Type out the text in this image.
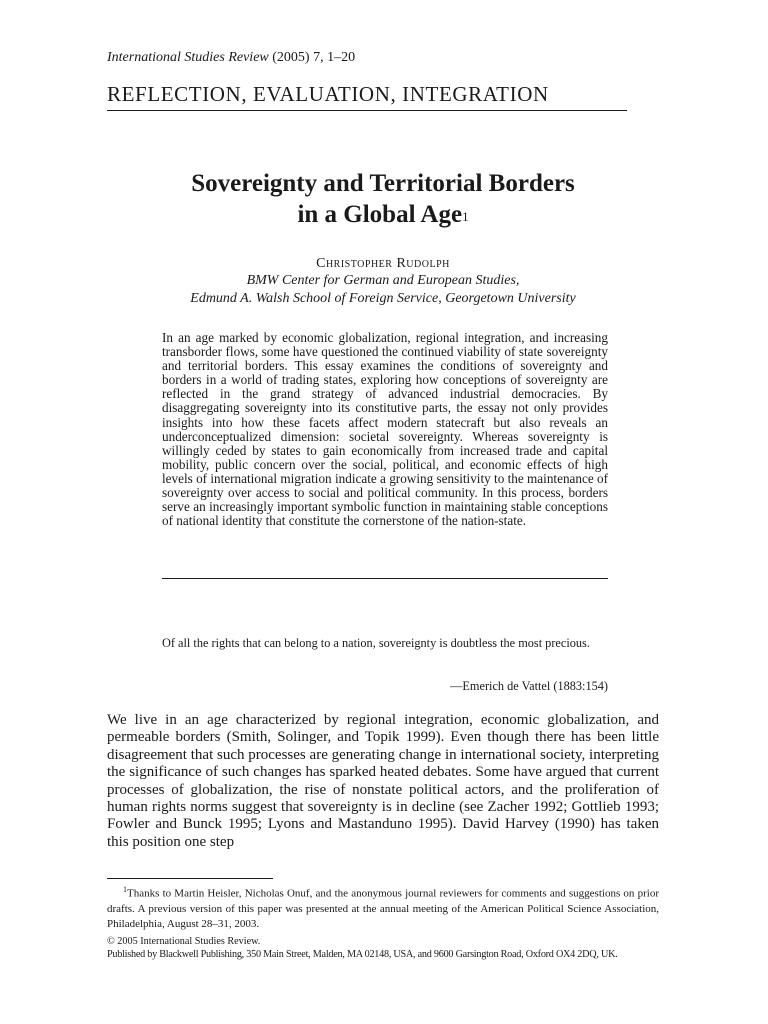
International Studies Review (2005) 7, 1–20
REFLECTION, EVALUATION, INTEGRATION
Sovereignty and Territorial Borders
in a Global Age$^1$
Christopher Rudolph
BMW Center for German and European Studies,
Edmund A. Walsh School of Foreign Service, Georgetown University
In an age marked by economic globalization, regional integration, and increasing transborder flows, some have questioned the continued viability of state sovereignty and territorial borders. This essay examines the conditions of sovereignty and borders in a world of trading states, exploring how conceptions of sovereignty are reflected in the grand strategy of advanced industrial democracies. By disaggregating sovereignty into its constitutive parts, the essay not only provides insights into how these facets affect modern statecraft but also reveals an underconceptualized dimension: societal sovereignty. Whereas sovereignty is willingly ceded by states to gain economically from increased trade and capital mobility, public concern over the social, political, and economic effects of high levels of international migration indicate a growing sensitivity to the maintenance of sovereignty over access to social and political community. In this process, borders serve an increasingly important symbolic function in maintaining stable conceptions of national identity that constitute the cornerstone of the nation-state.
Of all the rights that can belong to a nation, sovereignty is doubtless the most precious.
—Emerich de Vattel (1883:154)
We live in an age characterized by regional integration, economic globalization, and permeable borders (Smith, Solinger, and Topik 1999). Even though there has been little disagreement that such processes are generating change in international society, interpreting the significance of such changes has sparked heated debates. Some have argued that current processes of globalization, the rise of nonstate political actors, and the proliferation of human rights norms suggest that sovereignty is in decline (see Zacher 1992; Gottlieb 1993; Fowler and Bunck 1995; Lyons and Mastanduno 1995). David Harvey (1990) has taken this position one step
$^1$Thanks to Martin Heisler, Nicholas Onuf, and the anonymous journal reviewers for comments and suggestions on prior drafts. A previous version of this paper was presented at the annual meeting of the American Political Science Association, Philadelphia, August 28–31, 2003.
© 2005 International Studies Review.
Published by Blackwell Publishing, 350 Main Street, Malden, MA 02148, USA, and 9600 Garsington Road, Oxford OX4 2DQ, UK.
